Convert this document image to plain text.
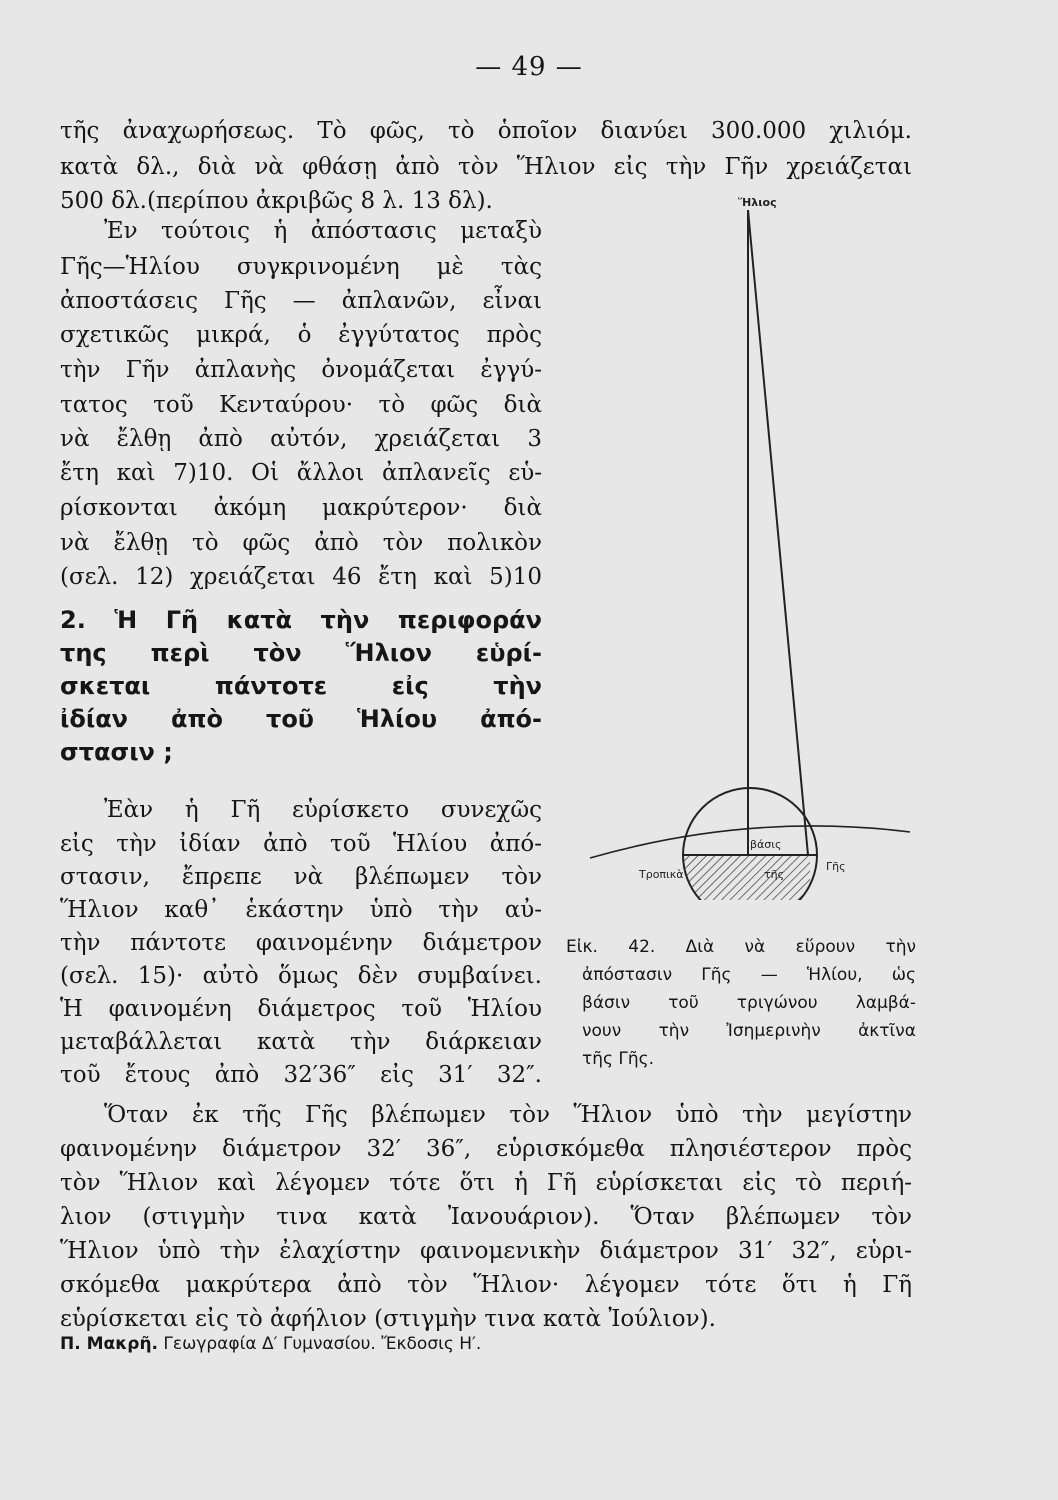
— 49 —
τῆς ἀναχωρήσεως. Τὸ φῶς, τὸ ὁποῖον διανύει 300.000 χιλιόμ.
κατὰ δλ., διὰ νὰ φθάσῃ ἀπὸ τὸν Ἥλιον εἰς τὴν Γῆν χρειάζεται
500 δλ.(περίπου ἀκριβῶς 8 λ. 13 δλ).
Ἐν τούτοις ἡ ἀπόστασις μεταξὺ
Γῆς—Ἡλίου συγκρινομένη μὲ τὰς
ἀποστάσεις Γῆς — ἀπλανῶν, εἶναι
σχετικῶς μικρά, ὁ ἐγγύτατος πρὸς
τὴν Γῆν ἀπλανὴς ὀνομάζεται ἐγγύ-
τατος τοῦ Κενταύρου· τὸ φῶς διὰ
νὰ ἔλθῃ ἀπὸ αὐτόν, χρειάζεται 3
ἔτη καὶ 7)10. Οἱ ἄλλοι ἀπλανεῖς εὑ-
ρίσκονται ἀκόμη μακρύτερον· διὰ
νὰ ἔλθῃ τὸ φῶς ἀπὸ τὸν πολικὸν
(σελ. 12) χρειάζεται 46 ἔτη καὶ 5)10
2. Ἡ Γῆ κατὰ τὴν περιφοράν
της περὶ τὸν Ἥλιον εὑρί-
σκεται πάντοτε εἰς τὴν
ἰδίαν ἀπὸ τοῦ Ἡλίου ἀπό-
στασιν ;
Ἐὰν ἡ Γῆ εὑρίσκετο συνεχῶς
εἰς τὴν ἰδίαν ἀπὸ τοῦ Ἡλίου ἀπό-
στασιν, ἔπρεπε νὰ βλέπωμεν τὸν
Ἥλιον καθ᾿ ἑκάστην ὑπὸ τὴν αὐ-
τὴν πάντοτε φαινομένην διάμετρον
(σελ. 15)· αὐτὸ ὅμως δὲν συμβαίνει.
Ἡ φαινομένη διάμετρος τοῦ Ἡλίου
μεταβάλλεται κατὰ τὴν διάρκειαν
τοῦ ἔτους ἀπὸ 32′36″ εἰς 31′ 32″.
Ὅταν ἐκ τῆς Γῆς βλέπωμεν τὸν Ἥλιον ὑπὸ τὴν μεγίστην
φαινομένην διάμετρον 32′ 36″, εὑρισκόμεθα πλησιέστερον πρὸς
τὸν Ἥλιον καὶ λέγομεν τότε ὅτι ἡ Γῆ εὑρίσκεται εἰς τὸ περιή-
λιον (στιγμὴν τινα κατὰ Ἰανουάριον). Ὅταν βλέπωμεν τὸν
Ἥλιον ὑπὸ τὴν ἐλαχίστην φαινομενικὴν διάμετρον 31′ 32″, εὑρι-
σκόμεθα μακρύτερα ἀπὸ τὸν Ἥλιον· λέγομεν τότε ὅτι ἡ Γῆ
εὑρίσκεται εἰς τὸ ἀφήλιον (στιγμὴν τινα κατὰ Ἰούλιον).
Ἥλιος
βάσις
Τροπικὰ	τῆς
Γῆς
Εἰκ. 42. Διὰ νὰ εὕρουν τὴν
ἀπόστασιν Γῆς — Ἡλίου, ὡς
βάσιν τοῦ τριγώνου λαμβά-
νουν τὴν Ἰσημερινὴν ἀκτῖνα
τῆς Γῆς.
Π. Μακρῆ. Γεωγραφία Δ′ Γυμνασίου. Ἔκδοσις Η′.
